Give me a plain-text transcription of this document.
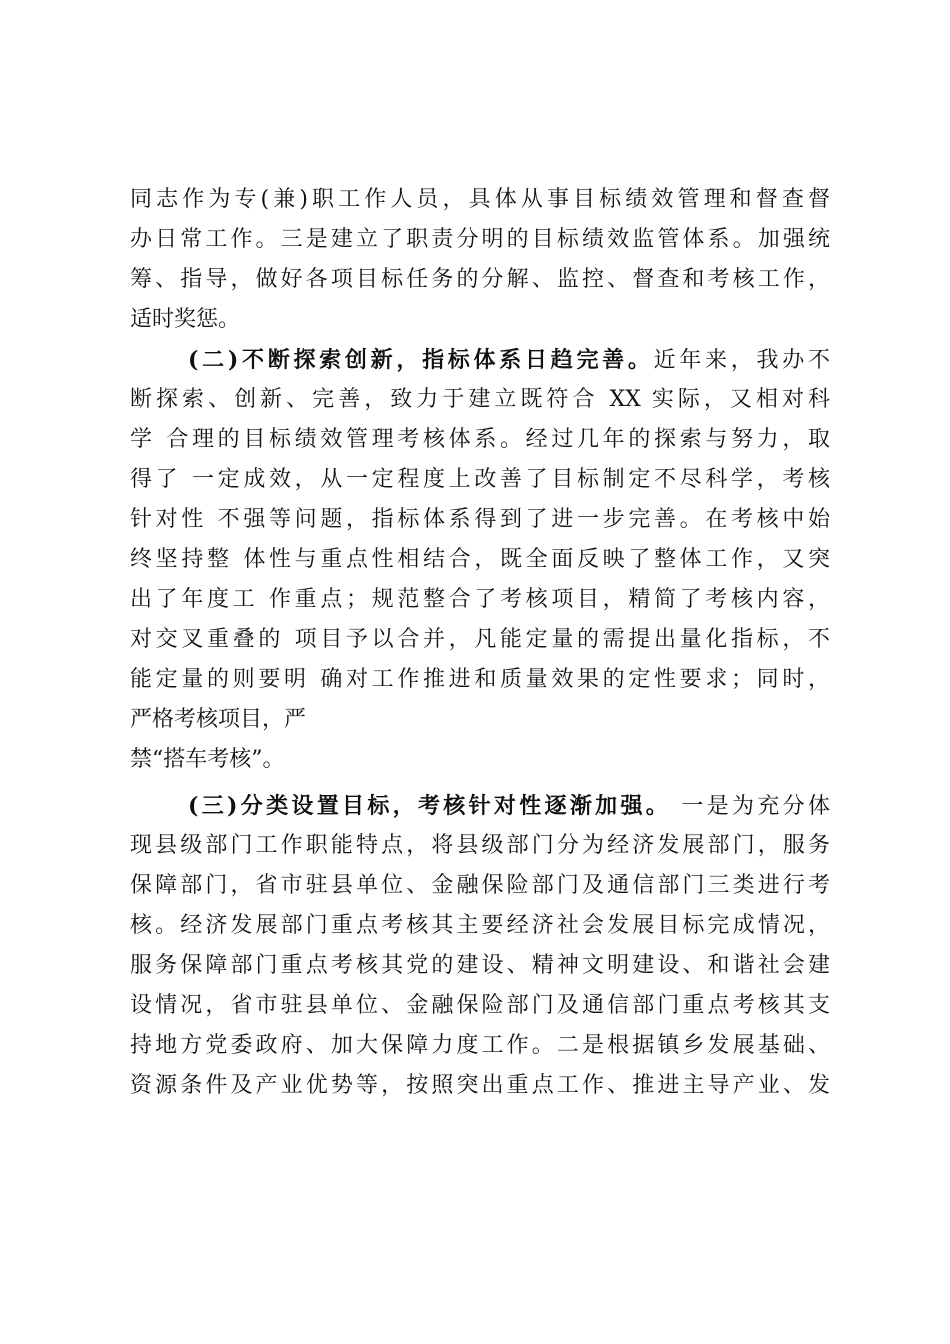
同志作为专(兼)职工作人员，具体从事目标绩效管理和督查督
办日常工作。三是建立了职责分明的目标绩效监管体系。加强统
筹、指导，做好各项目标任务的分解、监控、督查和考核工作，
适时奖惩。
(二)不断探索创新，指标体系日趋完善。近年来，我办不
断探索、创新、完善，致力于建立既符合 XX 实际，又相对科
学 合理的目标绩效管理考核体系。经过几年的探索与努力，取
得了 一定成效，从一定程度上改善了目标制定不尽科学，考核
针对性 不强等问题，指标体系得到了进一步完善。在考核中始
终坚持整 体性与重点性相结合，既全面反映了整体工作，又突
出了年度工 作重点；规范整合了考核项目，精简了考核内容，
对交叉重叠的 项目予以合并，凡能定量的需提出量化指标，不
能定量的则要明 确对工作推进和质量效果的定性要求；同时，
严格考核项目，严
禁“搭车考核”。
(三)分类设置目标，考核针对性逐渐加强。 一是为充分体
现县级部门工作职能特点，将县级部门分为经济发展部门，服务
保障部门，省市驻县单位、金融保险部门及通信部门三类进行考
核。经济发展部门重点考核其主要经济社会发展目标完成情况，
服务保障部门重点考核其党的建设、精神文明建设、和谐社会建
设情况，省市驻县单位、金融保险部门及通信部门重点考核其支
持地方党委政府、加大保障力度工作。二是根据镇乡发展基础、
资源条件及产业优势等，按照突出重点工作、推进主导产业、发
